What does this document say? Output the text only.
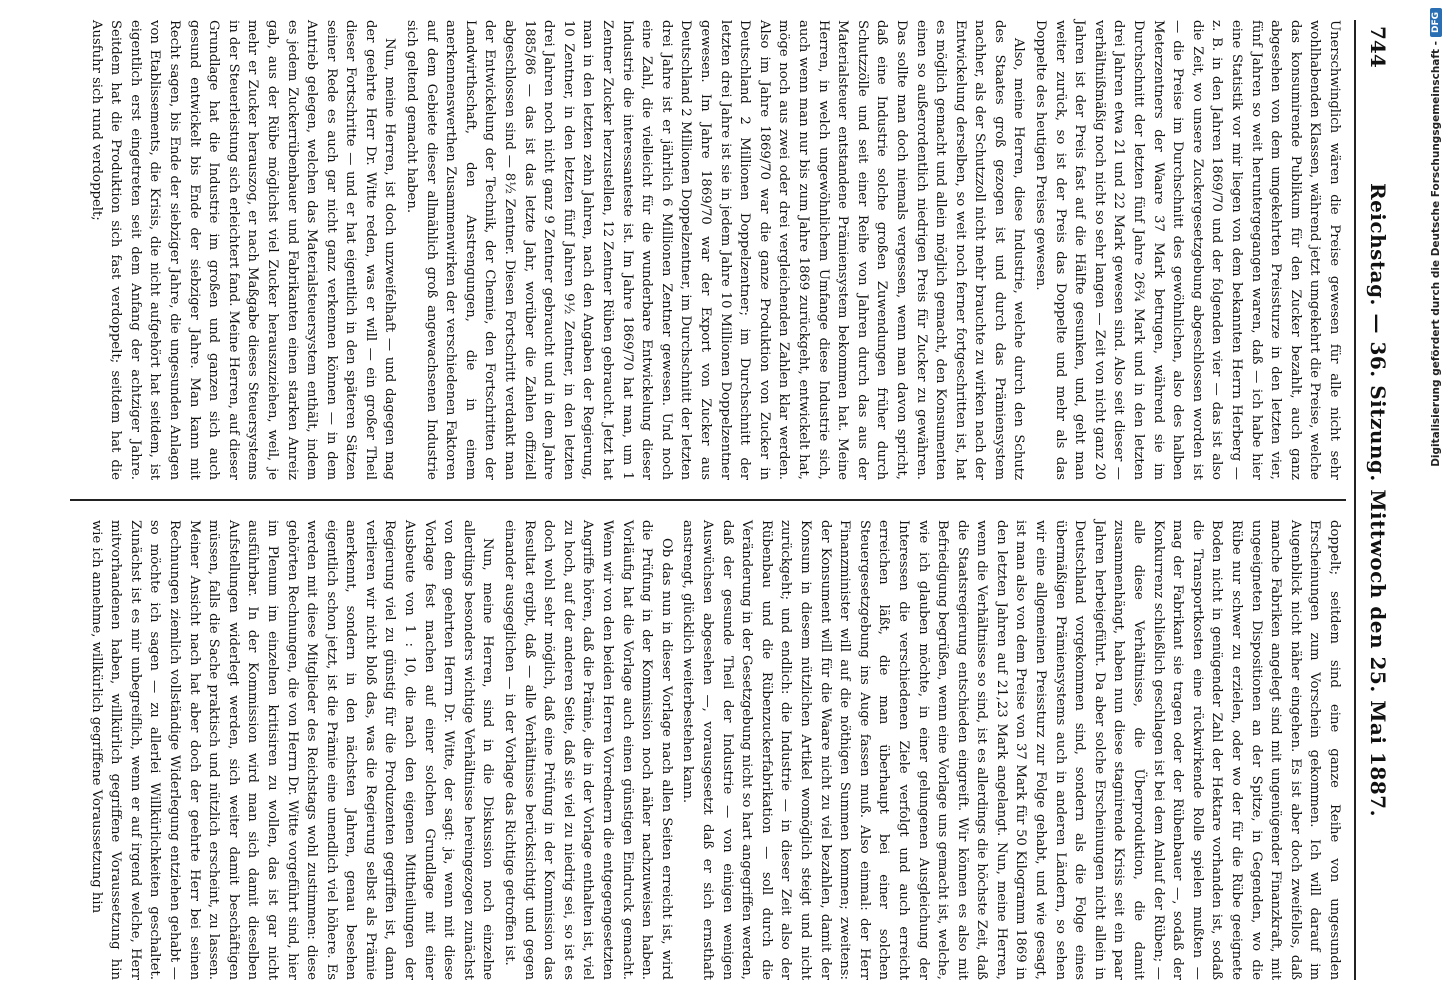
744
Reichstag. — 36. Sitzung. Mittwoch den 25. Mai 1887.

Unerschwinglich wären die Preise gewesen für alle nicht sehr wohlhabenden Klassen, während jetzt umgekehrt die Preise, welche das konsumirende Publikum für den Zucker bezahlt, auch ganz abgesehen von dem umgekehrten Preissturze in den letzten vier, fünf Jahren so weit heruntergegangen waren, daß — ich habe hier eine Statistik vor mir liegen von dem bekannten Herrn Herberg — z. B. in den Jahren 1869/70 und der folgenden vier — das ist also die Zeit, wo unsere Zuckergesetzgebung abgeschlossen worden ist — die Preise im Durchschnitt des gewöhnlichen, also des halben Meterzentners der Waare 37 Mark betrugen, während sie im Durchschnitt der letzten fünf Jahre 26¾ Mark und in den letzten drei Jahren etwa 21 und 22 Mark gewesen sind. Also seit dieser — verhältnißmäßig noch nicht so sehr langen — Zeit von nicht ganz 20 Jahren ist der Preis fast auf die Hälfte gesunken, und, geht man weiter zurück, so ist der Preis das Doppelte und mehr als das Doppelte des heutigen Preises gewesen.

Also, meine Herren, diese Industrie, welche durch den Schutz des Staates groß gezogen ist und durch das Prämiensystem nachher, als der Schutzzoll nicht mehr brauchte zu wirken nach der Entwickelung derselben, so weit noch ferner fortgeschritten ist, hat es möglich gemacht und allein möglich gemacht, den Konsumenten einen so außerordentlich niedrigen Preis für Zucker zu gewähren. Das sollte man doch niemals vergessen, wenn man davon spricht, daß eine Industrie solche großen Zuwendungen früher durch Schutzzölle und seit einer Reihe von Jahren durch das aus der Materialsteuer entstandene Prämiensystem bekommen hat. Meine Herren, in welch ungewöhnlichem Umfange diese Industrie sich, auch wenn man nur bis zum Jahre 1869 zurückgeht, entwickelt hat, möge noch aus zwei oder drei vergleichenden Zahlen klar werden. Also im Jahre 1869/70 war die ganze Produktion von Zucker in Deutschland 2 Millionen Doppelzentner; im Durchschnitt der letzten drei Jahre ist sie in jedem Jahre 10 Millionen Doppelzentner gewesen. Im Jahre 1869/70 war der Export von Zucker aus Deutschland 2 Millionen Doppelzentner, im Durchschnitt der letzten drei Jahre ist er jährlich 6 Millionen Zentner gewesen. Und noch eine Zahl, die vielleicht für die wunderbare Entwickelung dieser Industrie die interessanteste ist. Im Jahre 1869/70 hat man, um 1 Zentner Zucker herzustellen, 12 Zentner Rüben gebraucht. Jetzt hat man in den letzten zehn Jahren, nach den Angaben der Regierung, 10 Zentner, in den letzten fünf Jahren 9½ Zentner, in den letzten drei Jahren noch nicht ganz 9 Zentner gebraucht und in dem Jahre 1885/86 — das ist das letzte Jahr, worüber die Zahlen offiziell abgeschlossen sind — 8½ Zentner. Diesen Fortschritt verdankt man der Entwickelung der Technik, der Chemie, den Fortschritten der Landwirthschaft, den Anstrengungen, die in einem anerkennenswerthen Zusammenwirken der verschiedenen Faktoren auf dem Gebiete dieser allmählich groß angewachsenen Industrie sich geltend gemacht haben.

Nun, meine Herren, ist doch unzweifelhaft — und dagegen mag der geehrte Herr Dr. Witte reden, was er will — ein großer Theil dieser Fortschritte — und er hat eigentlich in den späteren Sätzen seiner Rede es auch gar nicht ganz verkennen können — in dem Antrieb gelegen, welchen das Materialsteuersystem enthält, indem es jedem Zuckerrübenbauer und Fabrikanten einen starken Anreiz gab, aus der Rübe möglichst viel Zucker herauszuziehen, weil, je mehr er Zucker herauszog, er nach Maßgabe dieses Steuersystems in der Steuerleistung sich erleichtert fand. Meine Herren, auf dieser Grundlage hat die Industrie im großen und ganzen sich auch gesund entwickelt bis Ende der siebziger Jahre. Man kann mit Recht sagen, bis Ende der siebziger Jahre, die ungesunden Anlagen von Etablissements, die Krisis, die nicht aufgehört hat seitdem, ist eigentlich erst eingetreten seit dem Anfang der achtziger Jahre. Seitdem hat die Produktion sich fast verdoppelt; seitdem hat die Ausfuhr sich rund verdoppelt;

doppelt; seitdem sind eine ganze Reihe von ungesunden Erscheinungen zum Vorschein gekommen. Ich will darauf im Augenblick nicht näher eingehen. Es ist aber doch zweifellos, daß manche Fabriken angelegt sind mit ungenügender Finanzkraft, mit ungeeigneten Dispositionen an der Spitze, in Gegenden, wo die Rübe nur schwer zu erzielen, oder wo der für die Rübe geeignete Boden nicht in genügender Zahl der Hektare vorhanden ist, sodaß die Transportkosten eine rückwirkende Rolle spielen mußten — mag der Fabrikant sie tragen oder der Rübenbauer —, sodaß der Konkurrenz schließlich geschlagen ist bei dem Anlauf der Rüben; — alle diese Verhältnisse, die Überproduktion, die damit zusammenhängt, haben nun diese stagnirende Krisis seit ein paar Jahren herbeigeführt. Da aber solche Erscheinungen nicht allein in Deutschland vorgekommen sind, sondern als die Folge eines übermäßigen Prämiensystems auch in anderen Ländern, so sehen wir eine allgemeinen Preissturz zur Folge gehabt, und wie gesagt, ist man also von dem Preise von 37 Mark für 50 Kilogramm 1869 in den letzten Jahren auf 21,23 Mark angelangt. Nun, meine Herren, wenn die Verhältnisse so sind, ist es allerdings die höchste Zeit, daß die Staatsregierung entschieden eingreift. Wir können es also mit Befriedigung begrüßen, wenn eine Vorlage uns gemacht ist, welche, wie ich glauben möchte, in einer gelungenen Ausgleichung der Interessen die verschiedenen Ziele verfolgt und auch erreicht erreichen läßt, die man überhaupt bei einer solchen Steuergesetzgebung ins Auge fassen muß. Also einmal: der Herr Finanzminister will auf die nöthigen Summen kommen; zweitens: der Konsument will für die Waare nicht zu viel bezahlen, damit der Konsum in diesem nützlichen Artikel womöglich steigt und nicht zurückgeht; und endlich: die Industrie — in dieser Zeit also der Rübenbau und die Rübenzuckerfabrikation — soll durch die Veränderung in der Gesetzgebung nicht so hart angegriffen werden, daß der gesunde Theil der Industrie — von einigen wenigen Auswüchsen abgesehen —, vorausgesetzt daß er sich ernsthaft anstrengt, glücklich weiterbestehen kann.

Ob das nun in dieser Vorlage nach allen Seiten erreicht ist, wird die Prüfung in der Kommission noch näher nachzuweisen haben. Vorläufig hat die Vorlage auch einen günstigen Eindruck gemacht. Wenn wir von den beiden Herren Vorrednern die entgegengesetzten Angriffe hören, daß die Prämie, die in der Vorlage enthalten ist, viel zu hoch, auf der anderen Seite, daß sie viel zu niedrig sei, so ist es doch wohl sehr möglich, daß eine Prüfung in der Kommission das Resultat ergibt, daß — alle Verhältnisse berücksichtigt und gegen einander ausgeglichen — in der Vorlage das Richtige getroffen ist.

Nun, meine Herren, sind in die Diskussion noch einzelne allerdings besonders wichtige Verhältnisse hereingezogen zunächst von dem geehrten Herrn Dr. Witte, der sagt: ja, wenn mit diese Vorlage fest machen auf einer solchen Grundlage mit einer Ausbeute von 1 : 10, die nach den eigenen Mittheilungen der Regierung viel zu günstig für die Produzenten gegriffen ist, dann verlieren wir nicht bloß das, was die Regierung selbst als Prämie anerkennt, sondern in den nächsten Jahren, genau besehen eigentlich schon jetzt, ist die Prämie eine unendlich viel höhere. Es werden mit diese Mitglieder des Reichstags wohl zustimmen: diese gehörten Rechnungen, die von Herrn Dr. Witte vorgeführt sind, hier im Plenum im einzelnen kritisiren zu wollen, das ist gar nicht ausführbar. In der Kommission wird man sich damit dieselben Aufstellungen widerlegt werden, sich weiter damit beschäftigen müssen, falls die Sache praktisch und nützlich erscheint, zu lassen. Meiner Ansicht nach hat aber doch der geehrte Herr bei seinen Rechnungen ziemlich vollständige Widerlegung entziehen gehabt — so möchte ich sagen — zu allerlei Willkürlichkeiten geschaltet. Zunächst ist es mir unbegreiflich, wenn er auf irgend welche, Herr mitvorhandenen haben, willkürlich gegriffene Voraussetzung hin wie ich annehme, willkürlich gegriffene Voraussetzung hin

Digitalisierung gefördert durch die Deutsche Forschungsgemeinschaft -
DFG
